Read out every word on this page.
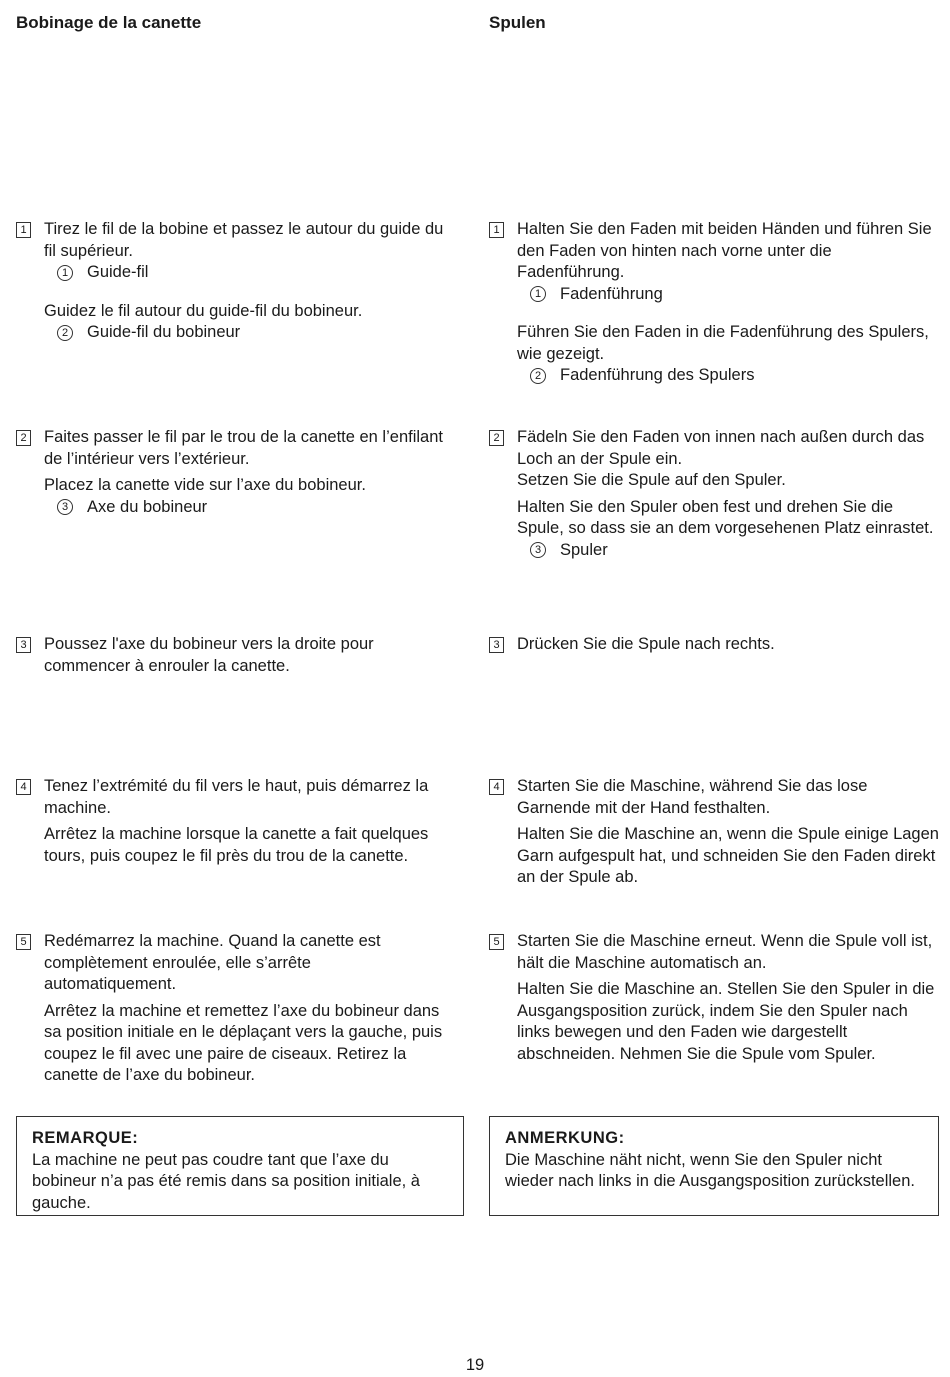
Bobinage de la canette
1 Tirez le fil de la bobine et passez le autour du guide du fil supérieur.

1 Guide-fil

Guidez le fil autour du guide-fil du bobineur.

2 Guide-fil du bobineur
2 Faites passer le fil par le trou de la canette en l’enfilant de l’intérieur vers l’extérieur.

Placez la canette vide sur l’axe du bobineur.

3 Axe du bobineur
3 Poussez l'axe du bobineur vers la droite pour commencer à enrouler la canette.

4 Tenez l’extrémité du fil vers le haut, puis démarrez la machine.

Arrêtez la machine lorsque la canette a fait quelques tours, puis coupez le fil près du trou de la canette.

5 Redémarrez la machine. Quand la canette est complètement enroulée, elle s’arrête automatiquement.

Arrêtez la machine et remettez l’axe du bobineur dans sa position initiale en le déplaçant vers la gauche, puis coupez le fil avec une paire de ciseaux. Retirez la canette de l’axe du bobineur.

REMARQUE:
La machine ne peut pas coudre tant que l’axe du bobineur n’a pas été remis dans sa position initiale, à gauche.
Spulen
1 Halten Sie den Faden mit beiden Händen und führen Sie den Faden von hinten nach vorne unter die Fadenführung.

1 Fadenführung

Führen Sie den Faden in die Fadenführung des Spulers, wie gezeigt.

2 Fadenführung des Spulers
2 Fädeln Sie den Faden von innen nach außen durch das Loch an der Spule ein.

Setzen Sie die Spule auf den Spuler.

Halten Sie den Spuler oben fest und drehen Sie die Spule, so dass sie an dem vorgesehenen Platz einrastet.

3 Spuler
3 Drücken Sie die Spule nach rechts.

4 Starten Sie die Maschine, während Sie das lose Garnende mit der Hand festhalten.

Halten Sie die Maschine an, wenn die Spule einige Lagen Garn aufgespult hat, und schneiden Sie den Faden direkt an der Spule ab.

5 Starten Sie die Maschine erneut. Wenn die Spule voll ist, hält die Maschine automatisch an.

Halten Sie die Maschine an. Stellen Sie den Spuler in die Ausgangsposition zurück, indem Sie den Spuler nach links bewegen und den Faden wie dargestellt abschneiden. Nehmen Sie die Spule vom Spuler.

ANMERKUNG:
Die Maschine näht nicht, wenn Sie den Spuler nicht wieder nach links in die Ausgangsposition zurückstellen.
19
